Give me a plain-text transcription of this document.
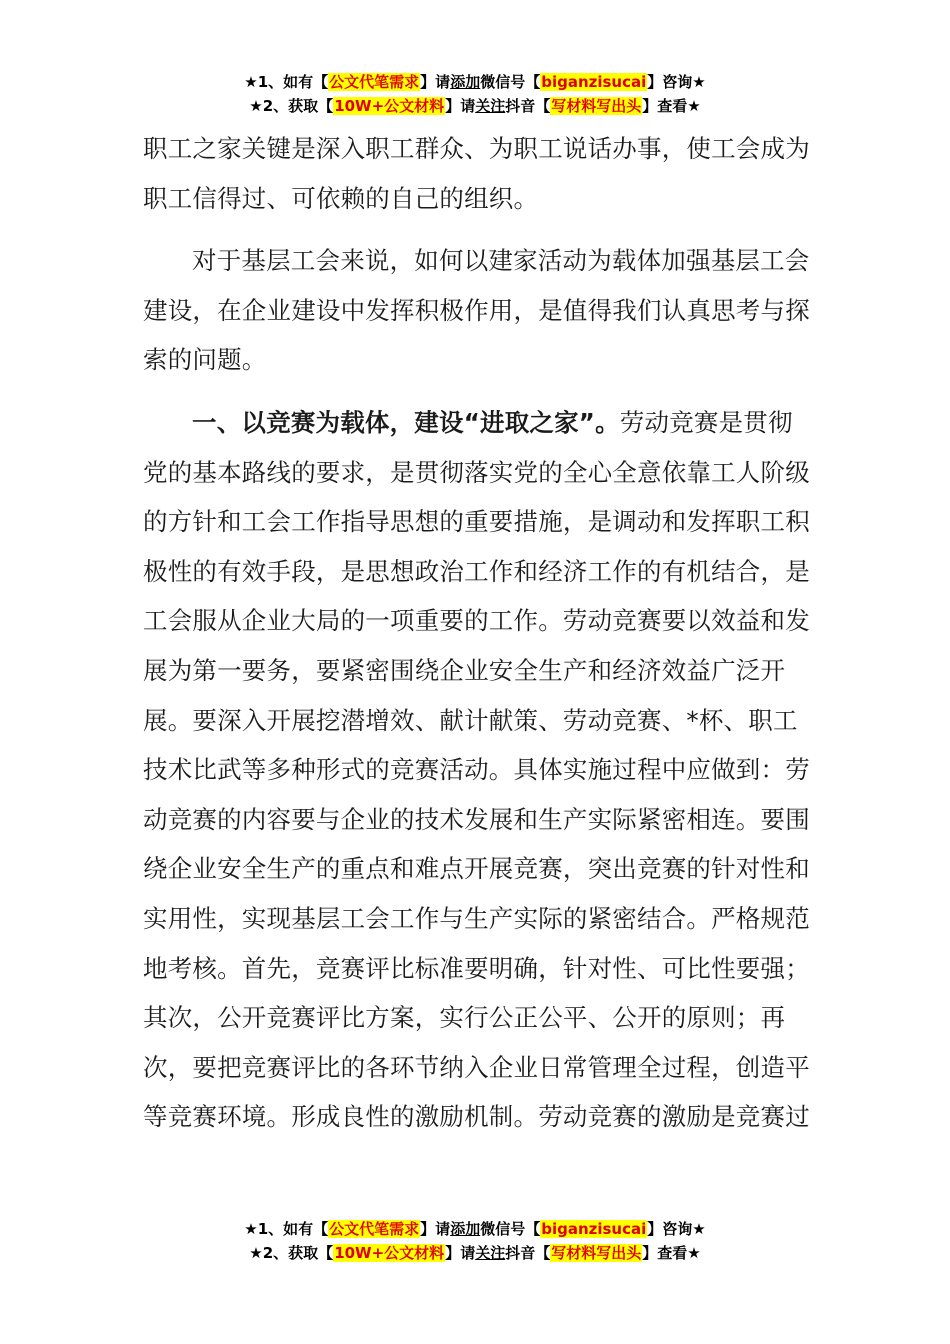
★1、如有【公文代笔需求】请添加微信号【biganzisucai】咨询★
★2、获取【10W+公文材料】请关注抖音【写材料写出头】查看★

职工之家关键是深入职工群众、为职工说话办事，使工会成为职工信得过、可依赖的自己的组织。

对于基层工会来说，如何以建家活动为载体加强基层工会建设，在企业建设中发挥积极作用，是值得我们认真思考与探索的问题。

一、以竞赛为载体，建设“进取之家”。劳动竞赛是贯彻党的基本路线的要求，是贯彻落实党的全心全意依靠工人阶级的方针和工会工作指导思想的重要措施，是调动和发挥职工积极性的有效手段，是思想政治工作和经济工作的有机结合，是工会服从企业大局的一项重要的工作。劳动竞赛要以效益和发展为第一要务，要紧密围绕企业安全生产和经济效益广泛开展。要深入开展挖潜增效、献计献策、劳动竞赛、*杯、职工技术比武等多种形式的竞赛活动。具体实施过程中应做到：劳动竞赛的内容要与企业的技术发展和生产实际紧密相连。要围绕企业安全生产的重点和难点开展竞赛，突出竞赛的针对性和实用性，实现基层工会工作与生产实际的紧密结合。严格规范地考核。首先，竞赛评比标准要明确，针对性、可比性要强；其次，公开竞赛评比方案，实行公正公平、公开的原则；再次，要把竞赛评比的各环节纳入企业日常管理全过程，创造平等竞赛环境。形成良性的激励机制。劳动竞赛的激励是竞赛过

★1、如有【公文代笔需求】请添加微信号【biganzisucai】咨询★
★2、获取【10W+公文材料】请关注抖音【写材料写出头】查看★
